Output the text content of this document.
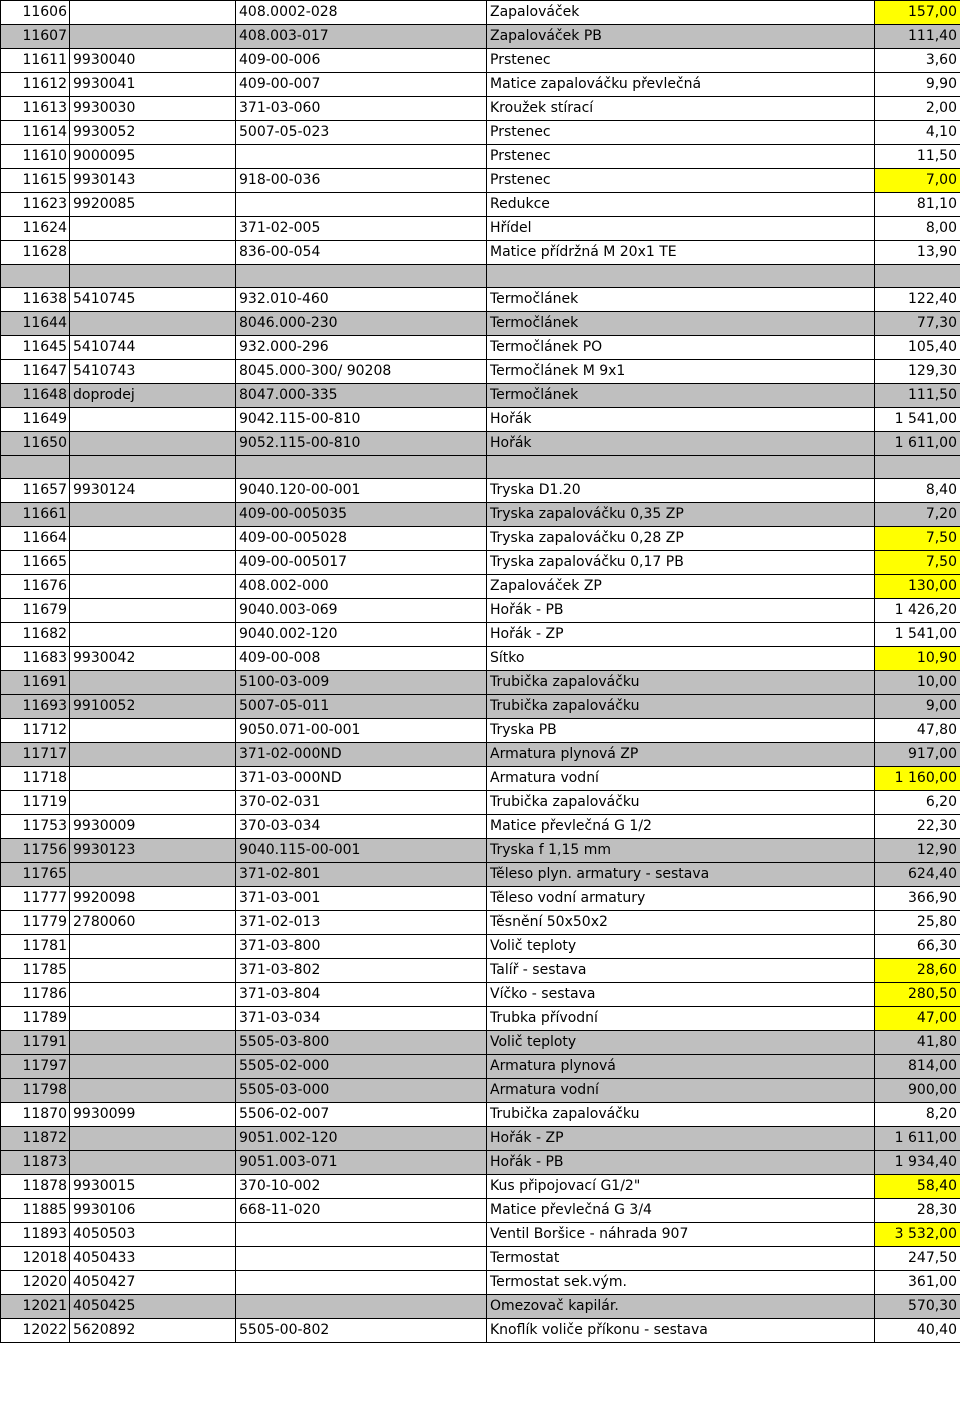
11606		408.0002-028	Zapalováček	157,00
11607		408.003-017	Zapalováček PB	111,40
11611	9930040	409-00-006	Prstenec	3,60
11612	9930041	409-00-007	Matice zapalováčku převlečná	9,90
11613	9930030	371-03-060	Kroužek stírací	2,00
11614	9930052	5007-05-023	Prstenec	4,10
11610	9000095		Prstenec	11,50
11615	9930143	918-00-036	Prstenec	7,00
11623	9920085		Redukce	81,10
11624		371-02-005	Hřídel	8,00
11628		836-00-054	Matice přídržná M 20x1 TE	13,90

11638	5410745	932.010-460	Termočlánek	122,40
11644		8046.000-230	Termočlánek	77,30
11645	5410744	932.000-296	Termočlánek PO	105,40
11647	5410743	8045.000-300/ 90208	Termočlánek M 9x1	129,30
11648	doprodej	8047.000-335	Termočlánek	111,50
11649		9042.115-00-810	Hořák	1 541,00
11650		9052.115-00-810	Hořák	1 611,00

11657	9930124	9040.120-00-001	Tryska D1.20	8,40
11661		409-00-005035	Tryska zapalováčku 0,35 ZP	7,20
11664		409-00-005028	Tryska zapalováčku 0,28 ZP	7,50
11665		409-00-005017	Tryska zapalováčku 0,17 PB	7,50
11676		408.002-000	Zapalováček ZP	130,00
11679		9040.003-069	Hořák - PB	1 426,20
11682		9040.002-120	Hořák - ZP	1 541,00
11683	9930042	409-00-008	Sítko	10,90
11691		5100-03-009	Trubička zapalováčku	10,00
11693	9910052	5007-05-011	Trubička zapalováčku	9,00
11712		9050.071-00-001	Tryska PB	47,80
11717		371-02-000ND	Armatura plynová ZP	917,00
11718		371-03-000ND	Armatura vodní	1 160,00
11719		370-02-031	Trubička zapalováčku	6,20
11753	9930009	370-03-034	Matice převlečná G 1/2	22,30
11756	9930123	9040.115-00-001	Tryska f 1,15 mm	12,90
11765		371-02-801	Těleso plyn. armatury - sestava	624,40
11777	9920098	371-03-001	Těleso vodní armatury	366,90
11779	2780060	371-02-013	Těsnění 50x50x2	25,80
11781		371-03-800	Volič teploty	66,30
11785		371-03-802	Talíř - sestava	28,60
11786		371-03-804	Víčko - sestava	280,50
11789		371-03-034	Trubka přívodní	47,00
11791		5505-03-800	Volič teploty	41,80
11797		5505-02-000	Armatura plynová	814,00
11798		5505-03-000	Armatura vodní	900,00
11870	9930099	5506-02-007	Trubička zapalováčku	8,20
11872		9051.002-120	Hořák - ZP	1 611,00
11873		9051.003-071	Hořák - PB	1 934,40
11878	9930015	370-10-002	Kus připojovací G1/2"	58,40
11885	9930106	668-11-020	Matice převlečná G 3/4	28,30
11893	4050503		Ventil Boršice - náhrada 907	3 532,00
12018	4050433		Termostat	247,50
12020	4050427		Termostat sek.vým.	361,00
12021	4050425		Omezovač kapilár.	570,30
12022	5620892	5505-00-802	Knoflík voliče příkonu - sestava	40,40
